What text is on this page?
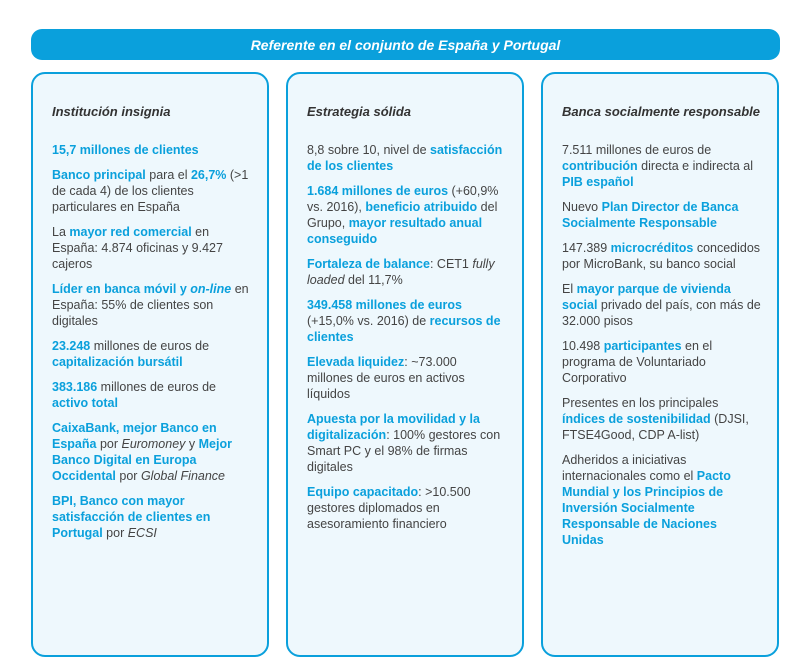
Referente en el conjunto de España y Portugal
Institución insignia

15,7 millones de clientes

Banco principal para el 26,7% (>1 de cada 4) de los clientes particulares en España

La mayor red comercial en España: 4.874 oficinas y 9.427 cajeros

Líder en banca móvil y on-line en España: 55% de clientes son digitales

23.248 millones de euros de capitalización bursátil

383.186 millones de euros de activo total

CaixaBank, mejor Banco en España por Euromoney y Mejor Banco Digital en Europa Occidental por Global Finance

BPI, Banco con mayor satisfacción de clientes en Portugal por ECSI

Estrategia sólida

8,8 sobre 10, nivel de satisfacción de los clientes

1.684 millones de euros (+60,9% vs. 2016), beneficio atribuido del Grupo, mayor resultado anual conseguido

Fortaleza de balance: CET1 fully loaded del 11,7%

349.458 millones de euros (+15,0% vs. 2016) de recursos de clientes

Elevada liquidez: ~73.000 millones de euros en activos líquidos

Apuesta por la movilidad y la digitalización: 100% gestores con Smart PC y el 98% de firmas digitales

Equipo capacitado: >10.500 gestores diplomados en asesoramiento financiero

Banca socialmente responsable

7.511 millones de euros de contribución directa e indirecta al PIB español

Nuevo Plan Director de Banca Socialmente Responsable

147.389 microcréditos concedidos por MicroBank, su banco social

El mayor parque de vivienda social privado del país, con más de 32.000 pisos

10.498 participantes en el programa de Voluntariado Corporativo

Presentes en los principales índices de sostenibilidad (DJSI, FTSE4Good, CDP A-list)

Adheridos a iniciativas internacionales como el Pacto Mundial y los Principios de Inversión Socialmente Responsable de Naciones Unidas
